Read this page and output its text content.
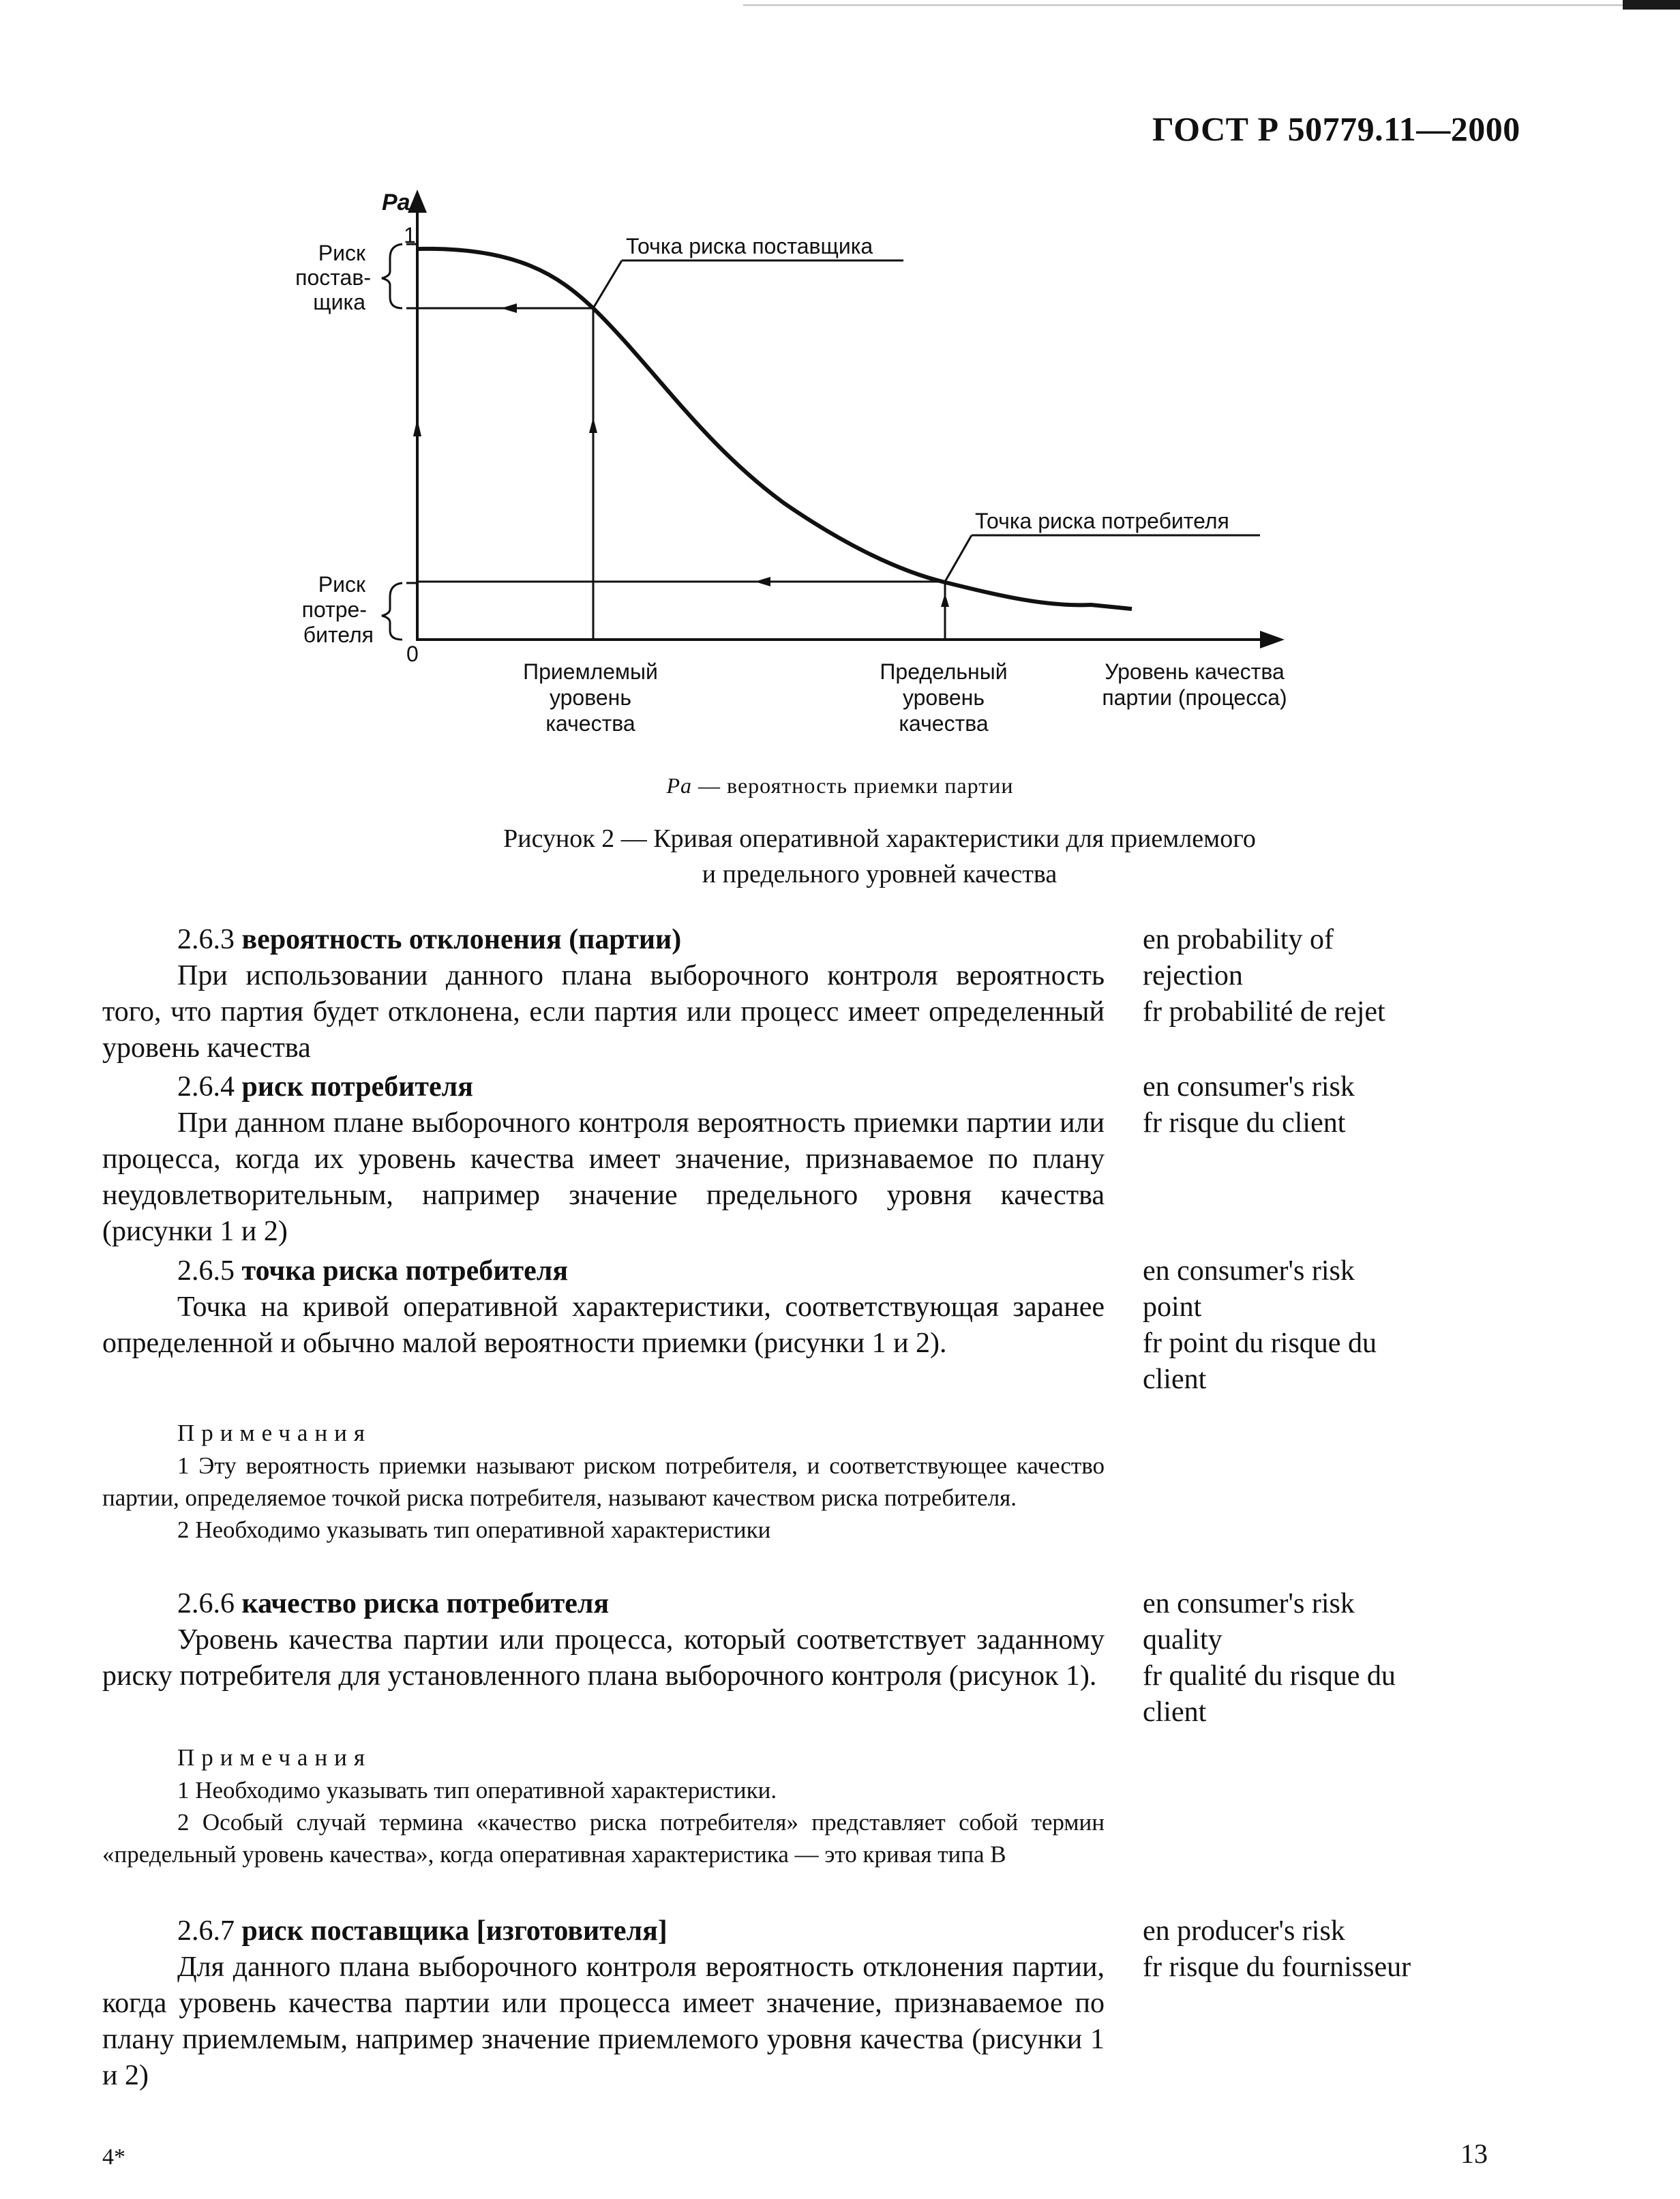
ГОСТ Р 50779.11—2000
Pa
1
0
Риск
постав-
щика
Риск
потре-
бителя
Точка риска поставщика
Точка риска потребителя
Приемлемый
уровень
качества
Предельный
уровень
качества
Уровень качества
партии (процесса)
Pa — вероятность приемки партии
Рисунок 2 — Кривая оперативной характеристики для приемлемого
и предельного уровней качества
2.6.3 вероятность отклонения (партии)
При использовании данного плана выборочного контроля вероятность того, что партия будет отклонена, если партия или процесс имеет определенный уровень качества
en probability of
rejection
fr probabilité de rejet
2.6.4 риск потребителя
При данном плане выборочного контроля вероятность приемки партии или процесса, когда их уровень качества имеет значение, признаваемое по плану неудовлетворительным, например значение предельного уровня качества (рисунки 1 и 2)
en consumer's risk
fr risque du client
2.6.5 точка риска потребителя
Точка на кривой оперативной характеристики, соответствующая заранее определенной и обычно малой вероятности приемки (рисунки 1 и 2).
en consumer's risk
point
fr point du risque du
client
Примечания
1 Эту вероятность приемки называют риском потребителя, и соответствующее качество партии, определяемое точкой риска потребителя, называют качеством риска потребителя.
2 Необходимо указывать тип оперативной характеристики
2.6.6 качество риска потребителя
Уровень качества партии или процесса, который соответствует заданному риску потребителя для установленного плана выборочного контроля (рисунок 1).
en consumer's risk
quality
fr qualité du risque du
client
Примечания
1 Необходимо указывать тип оперативной характеристики.
2 Особый случай термина «качество риска потребителя» представляет собой термин «предельный уровень качества», когда оперативная характеристика — это кривая типа В
2.6.7 риск поставщика [изготовителя]
Для данного плана выборочного контроля вероятность отклонения партии, когда уровень качества партии или процесса имеет значение, признаваемое по плану приемлемым, например значение приемлемого уровня качества (рисунки 1 и 2)
en producer's risk
fr risque du fournisseur
4*	13
